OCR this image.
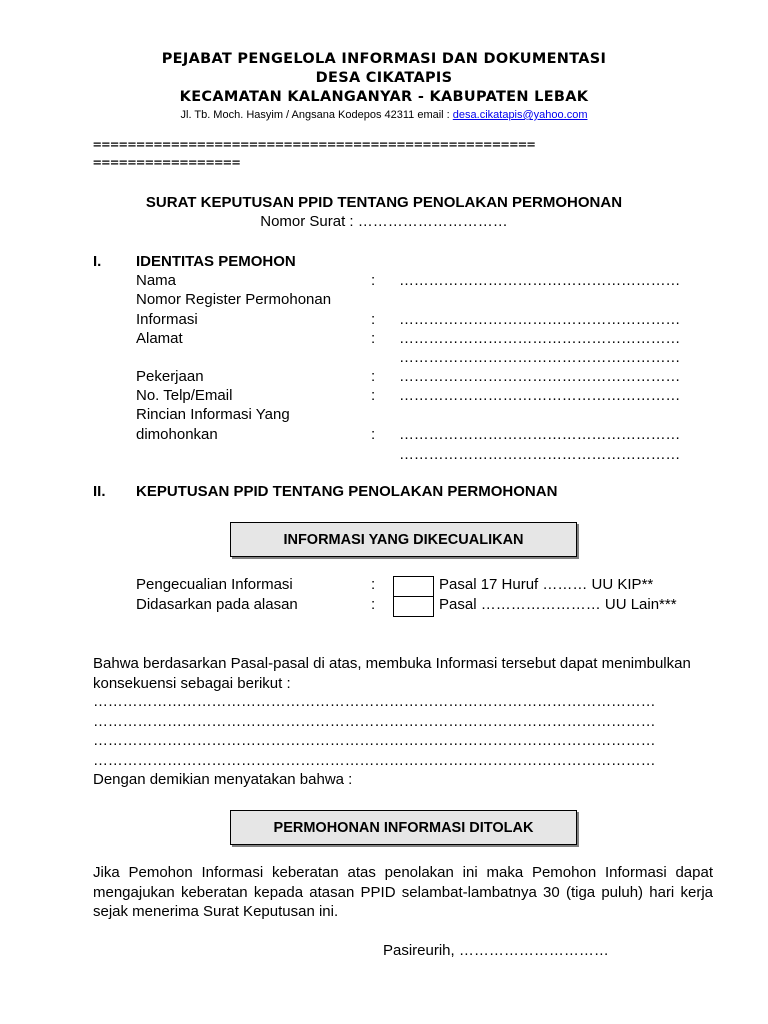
PEJABAT PENGELOLA INFORMASI DAN DOKUMENTASI
DESA CIKATAPIS
KECAMATAN KALANGANYAR - KABUPATEN LEBAK
Jl. Tb. Moch. Hasyim / Angsana Kodepos 42311 email : desa.cikatapis@yahoo.com
===================================================
=================
SURAT KEPUTUSAN PPID TENTANG PENOLAKAN PERMOHONAN
Nomor Surat : …………………………
I. IDENTITAS PEMOHON
Nama	: …………………………………………………
Nomor Register Permohonan
Informasi	: …………………………………………………
Alamat	: …………………………………………………
…………………………………………………
Pekerjaan	: …………………………………………………
No. Telp/Email	: …………………………………………………
Rincian Informasi Yang
dimohonkan	: …………………………………………………
…………………………………………………
II. KEPUTUSAN PPID TENTANG PENOLAKAN PERMOHONAN
INFORMASI YANG DIKECUALIKAN
Pengecualian Informasi	:	Pasal 17 Huruf ……… UU KIP**
Didasarkan pada alasan	:	Pasal …………………… UU Lain***
Bahwa berdasarkan Pasal-pasal di atas, membuka Informasi tersebut dapat menimbulkan konsekuensi sebagai berikut :
……………………………………………………………………………………………………
……………………………………………………………………………………………………
……………………………………………………………………………………………………
……………………………………………………………………………………………………
Dengan demikian menyatakan bahwa :
PERMOHONAN INFORMASI DITOLAK
Jika Pemohon Informasi keberatan atas penolakan ini maka Pemohon Informasi dapat mengajukan keberatan kepada atasan PPID selambat-lambatnya 30 (tiga puluh) hari kerja sejak menerima Surat Keputusan ini.
Pasireurih, …………………………
